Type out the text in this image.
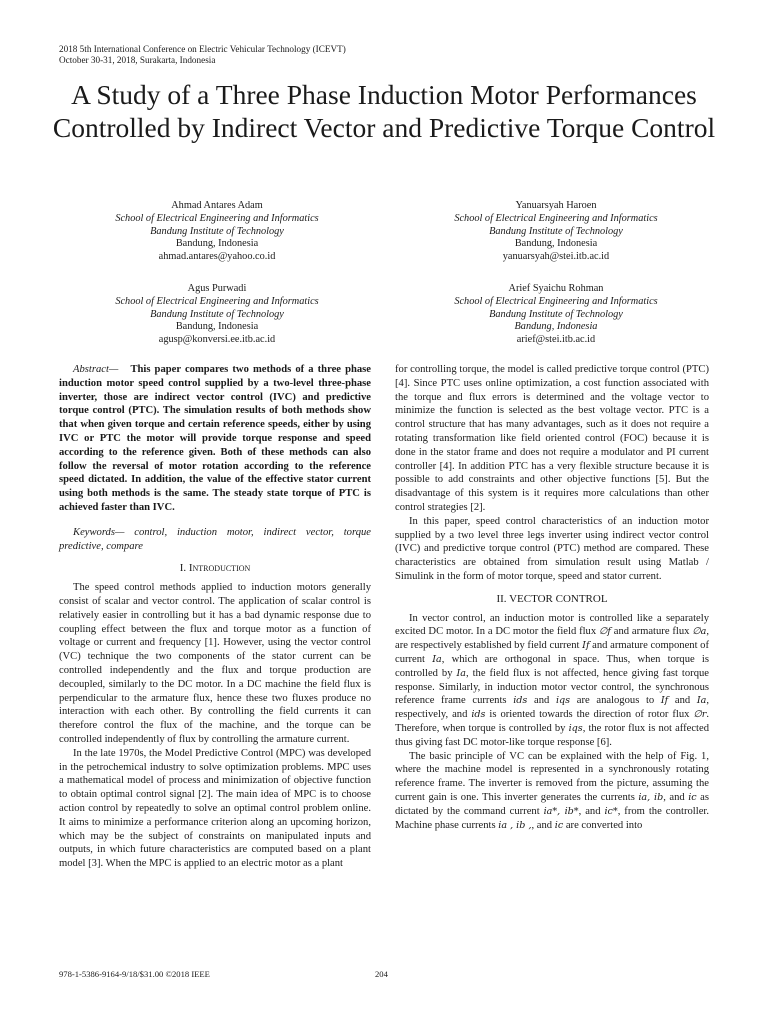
2018 5th International Conference on Electric Vehicular Technology (ICEVT)
October 30-31, 2018, Surakarta, Indonesia
A Study of a Three Phase Induction Motor Performances Controlled by Indirect Vector and Predictive Torque Control
Ahmad Antares Adam
School of Electrical Engineering and Informatics
Bandung Institute of Technology
Bandung, Indonesia
ahmad.antares@yahoo.co.id
Yanuarsyah Haroen
School of Electrical Engineering and Informatics
Bandung Institute of Technology
Bandung, Indonesia
yanuarsyah@stei.itb.ac.id
Agus Purwadi
School of Electrical Engineering and Informatics
Bandung Institute of Technology
Bandung, Indonesia
agusp@konversi.ee.itb.ac.id
Arief Syaichu Rohman
School of Electrical Engineering and Informatics
Bandung Institute of Technology
Bandung, Indonesia
arief@stei.itb.ac.id

Abstract— This paper compares two methods of a three phase induction motor speed control supplied by a two-level three-phase inverter, those are indirect vector control (IVC) and predictive torque control (PTC). The simulation results of both methods show that when given torque and certain reference speeds, either by using IVC or PTC the motor will provide torque response and speed according to the reference given. Both of these methods can also follow the reversal of motor rotation according to the reference speed dictated. In addition, the value of the effective stator current using both methods is the same. The steady state torque of PTC is achieved faster than IVC.

Keywords— control, induction motor, indirect vector, torque predictive, compare

I. Introduction

The speed control methods applied to induction motors generally consist of scalar and vector control. The application of scalar control is relatively easier in controlling but it has a bad dynamic response due to coupling effect between the flux and torque motor as a function of voltage or current and frequency [1]. However, using the vector control (VC) technique the two components of the stator current can be controlled independently and the flux and torque production are decoupled, similarly to the DC motor. In a DC machine the field flux is perpendicular to the armature flux, hence these two fluxes produce no interaction with each other. By controlling the field currents it can therefore control the flux of the machine, and the torque can be controlled independently of flux by controlling the armature current.

In the late 1970s, the Model Predictive Control (MPC) was developed in the petrochemical industry to solve optimization problems. MPC uses a mathematical model of process and minimization of objective function to obtain optimal control signal [2]. The main idea of MPC is to choose action control by repeatedly to solve an optimal control problem online. It aims to minimize a performance criterion along an upcoming horizon, which may be the subject of constraints on manipulated inputs and outputs, in which future characteristics are computed based on a plant model [3]. When the MPC is applied to an electric motor as a plant

for controlling torque, the model is called predictive torque control (PTC) [4]. Since PTC uses online optimization, a cost function associated with the torque and flux errors is determined and the voltage vector to minimize the function is selected as the best voltage vector. PTC is a control structure that has many advantages, such as it does not require a rotating transformation like field oriented control (FOC) because it is done in the stator frame and does not require a modulator and PI current controller [4]. In addition PTC has a very flexible structure because it is possible to add constraints and other objective functions [5]. But the disadvantage of this system is it requires more calculations than other control strategies [2].

In this paper, speed control characteristics of an induction motor supplied by a two level three legs inverter using indirect vector control (IVC) and predictive torque control (PTC) method are compared. These characteristics are obtained from simulation result using Matlab / Simulink in the form of motor torque, speed and stator current.

II. VECTOR CONTROL

In vector control, an induction motor is controlled like a separately excited DC motor. In a DC motor the field flux ∅f and armature flux ∅a, are respectively established by field current If and armature component of current Ia, which are orthogonal in space. Thus, when torque is controlled by Ia, the field flux is not affected, hence giving fast torque response. Similarly, in induction motor vector control, the synchronous reference frame currents ids and iqs are analogous to If and Ia, respectively, and ids is oriented towards the direction of rotor flux ∅r. Therefore, when torque is controlled by iqs, the rotor flux is not affected thus giving fast DC motor-like torque response [6].

The basic principle of VC can be explained with the help of Fig. 1, where the machine model is represented in a synchronously rotating reference frame. The inverter is removed from the picture, assuming the current gain is one. This inverter generates the currents ia, ib, and ic as dictated by the command current ia*, ib*, and ic*, from the controller. Machine phase currents ia , ib ,, and ic are converted into

978-1-5386-9164-9/18/$31.00 ©2018 IEEE	204
